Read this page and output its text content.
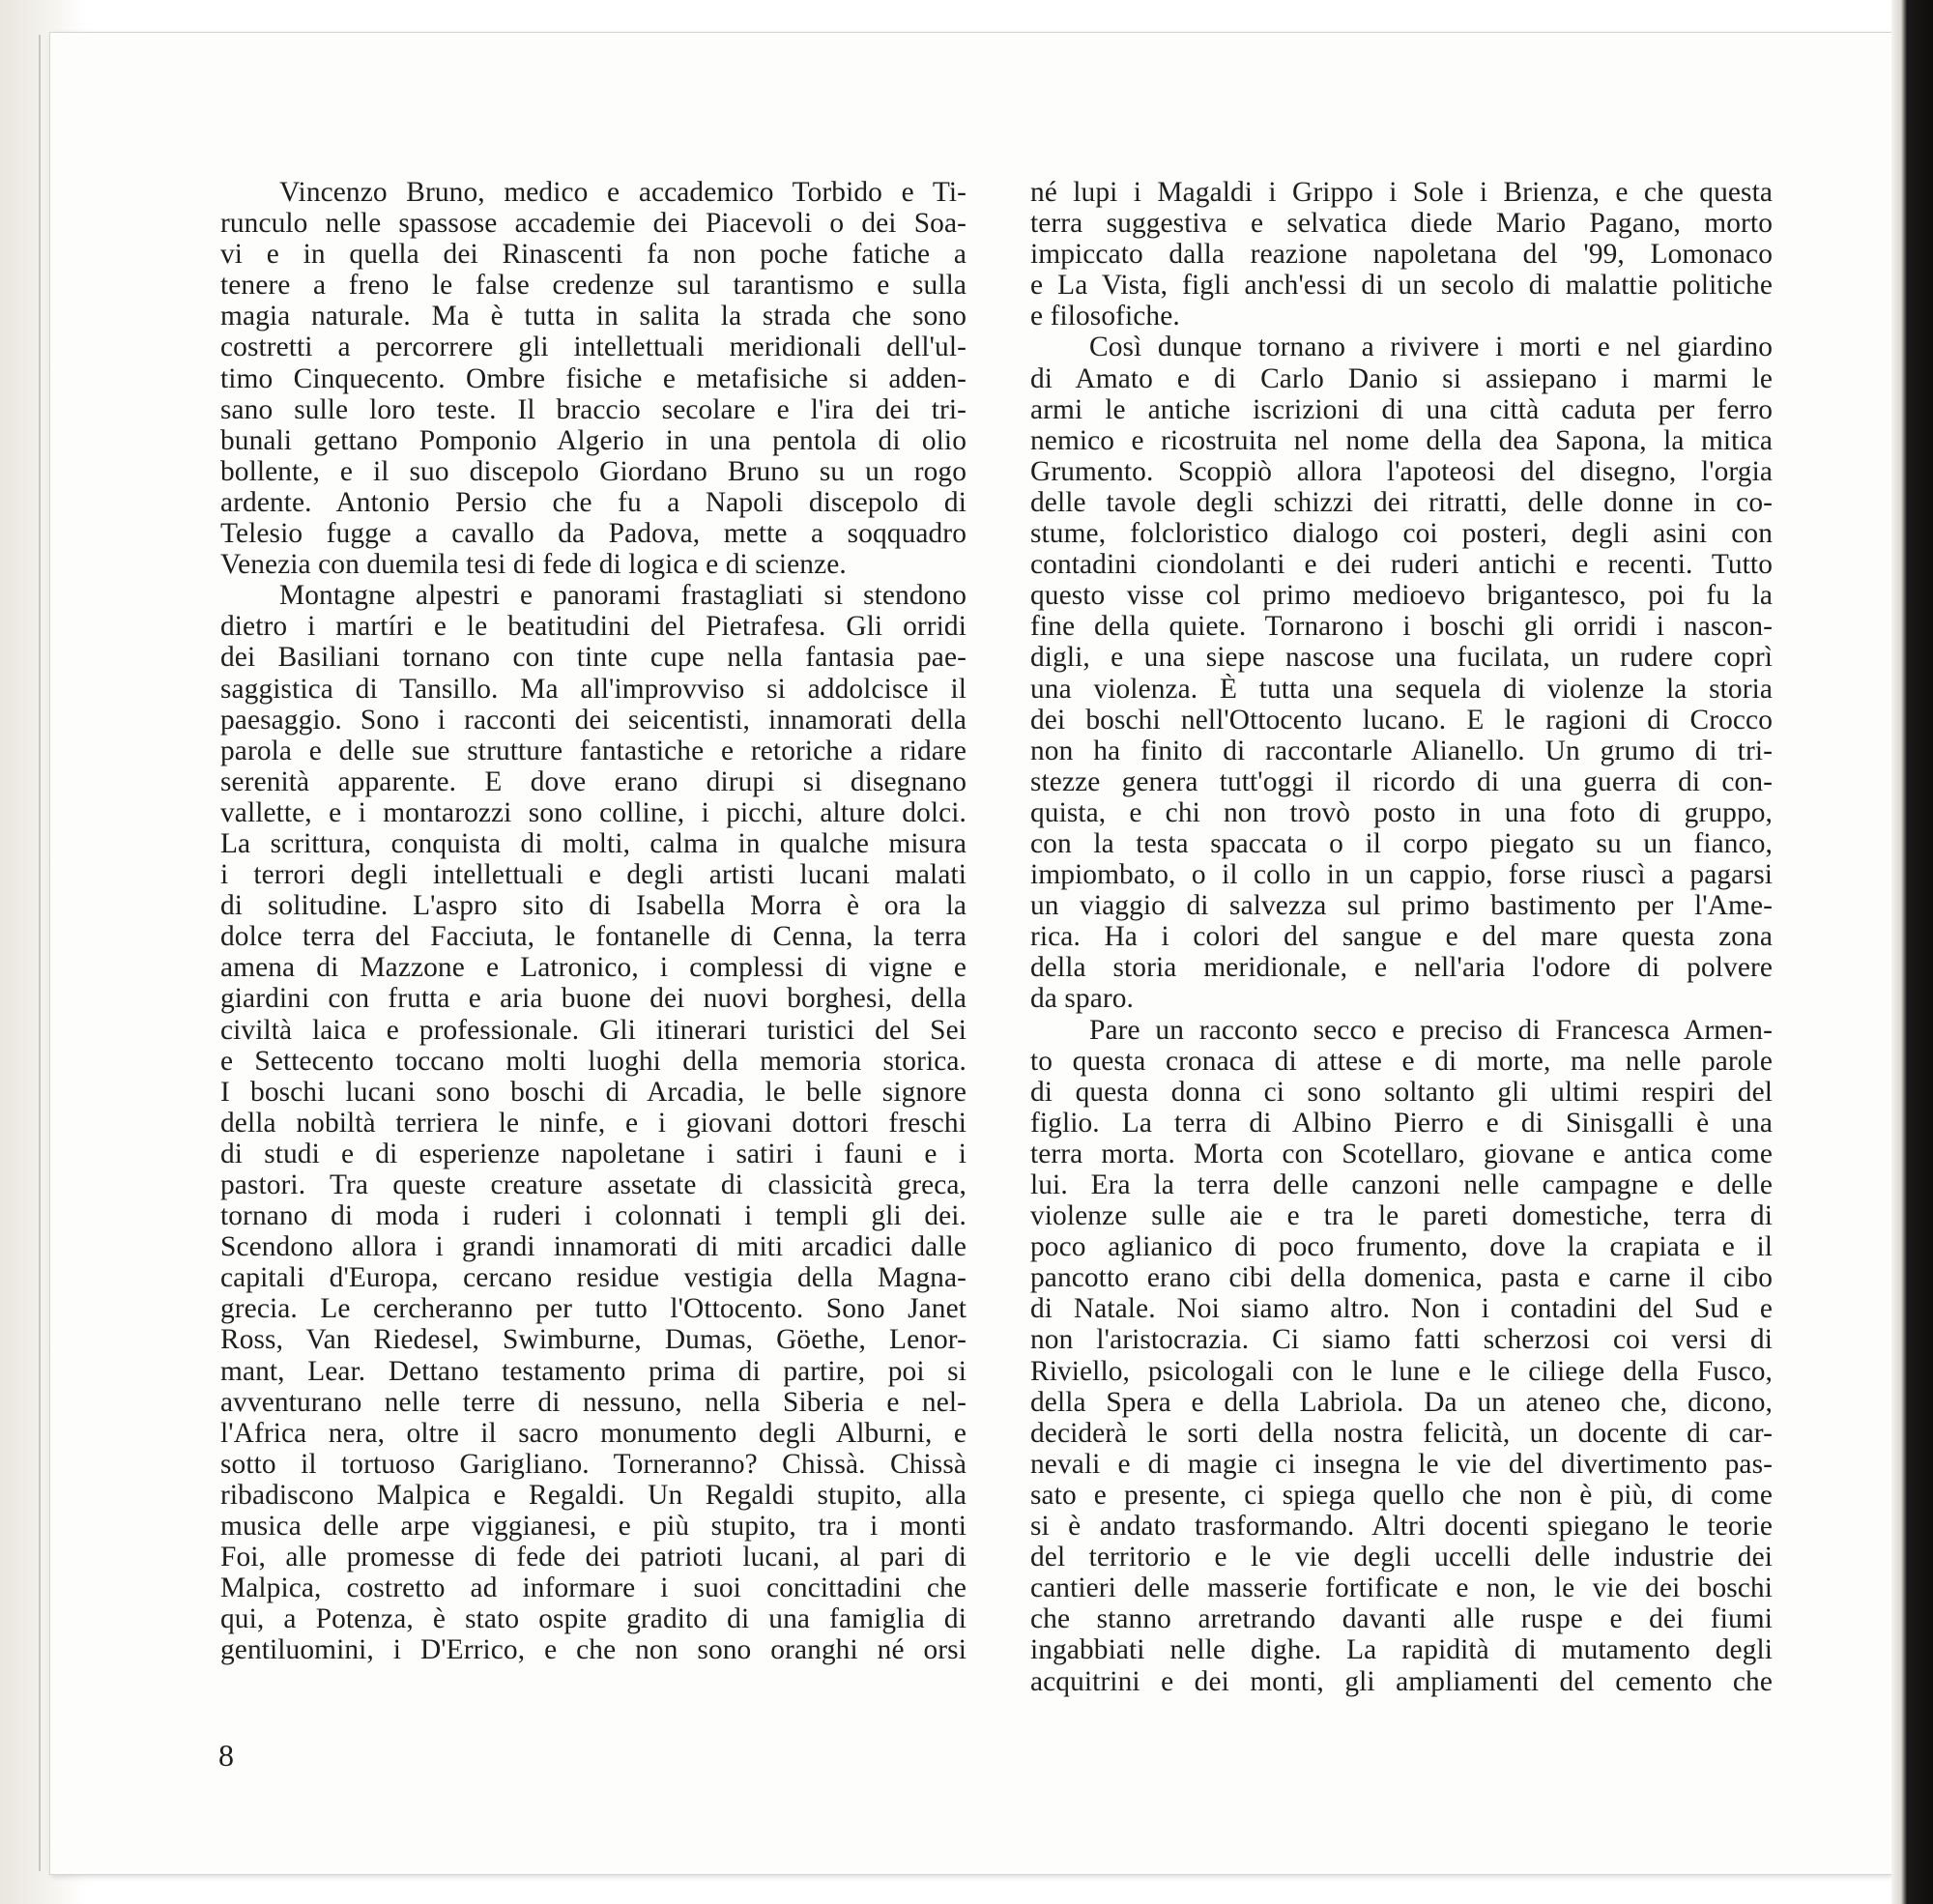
Vincenzo Bruno, medico e accademico Torbido e Ti-
runculo nelle spassose accademie dei Piacevoli o dei Soa-
vi e in quella dei Rinascenti fa non poche fatiche a
tenere a freno le false credenze sul tarantismo e sulla
magia naturale. Ma è tutta in salita la strada che sono
costretti a percorrere gli intellettuali meridionali dell'ul-
timo Cinquecento. Ombre fisiche e metafisiche si adden-
sano sulle loro teste. Il braccio secolare e l'ira dei tri-
bunali gettano Pomponio Algerio in una pentola di olio
bollente, e il suo discepolo Giordano Bruno su un rogo
ardente. Antonio Persio che fu a Napoli discepolo di
Telesio fugge a cavallo da Padova, mette a soqquadro
Venezia con duemila tesi di fede di logica e di scienze.
Montagne alpestri e panorami frastagliati si stendono
dietro i martíri e le beatitudini del Pietrafesa. Gli orridi
dei Basiliani tornano con tinte cupe nella fantasia pae-
saggistica di Tansillo. Ma all'improvviso si addolcisce il
paesaggio. Sono i racconti dei seicentisti, innamorati della
parola e delle sue strutture fantastiche e retoriche a ridare
serenità apparente. E dove erano dirupi si disegnano
vallette, e i montarozzi sono colline, i picchi, alture dolci.
La scrittura, conquista di molti, calma in qualche misura
i terrori degli intellettuali e degli artisti lucani malati
di solitudine. L'aspro sito di Isabella Morra è ora la
dolce terra del Facciuta, le fontanelle di Cenna, la terra
amena di Mazzone e Latronico, i complessi di vigne e
giardini con frutta e aria buone dei nuovi borghesi, della
civiltà laica e professionale. Gli itinerari turistici del Sei
e Settecento toccano molti luoghi della memoria storica.
I boschi lucani sono boschi di Arcadia, le belle signore
della nobiltà terriera le ninfe, e i giovani dottori freschi
di studi e di esperienze napoletane i satiri i fauni e i
pastori. Tra queste creature assetate di classicità greca,
tornano di moda i ruderi i colonnati i templi gli dei.
Scendono allora i grandi innamorati di miti arcadici dalle
capitali d'Europa, cercano residue vestigia della Magna-
grecia. Le cercheranno per tutto l'Ottocento. Sono Janet
Ross, Van Riedesel, Swimburne, Dumas, Göethe, Lenor-
mant, Lear. Dettano testamento prima di partire, poi si
avventurano nelle terre di nessuno, nella Siberia e nel-
l'Africa nera, oltre il sacro monumento degli Alburni, e
sotto il tortuoso Garigliano. Torneranno? Chissà. Chissà
ribadiscono Malpica e Regaldi. Un Regaldi stupito, alla
musica delle arpe viggianesi, e più stupito, tra i monti
Foi, alle promesse di fede dei patrioti lucani, al pari di
Malpica, costretto ad informare i suoi concittadini che
qui, a Potenza, è stato ospite gradito di una famiglia di
gentiluomini, i D'Errico, e che non sono oranghi né orsi
né lupi i Magaldi i Grippo i Sole i Brienza, e che questa
terra suggestiva e selvatica diede Mario Pagano, morto
impiccato dalla reazione napoletana del '99, Lomonaco
e La Vista, figli anch'essi di un secolo di malattie politiche
e filosofiche.
Così dunque tornano a rivivere i morti e nel giardino
di Amato e di Carlo Danio si assiepano i marmi le
armi le antiche iscrizioni di una città caduta per ferro
nemico e ricostruita nel nome della dea Sapona, la mitica
Grumento. Scoppiò allora l'apoteosi del disegno, l'orgia
delle tavole degli schizzi dei ritratti, delle donne in co-
stume, folcloristico dialogo coi posteri, degli asini con
contadini ciondolanti e dei ruderi antichi e recenti. Tutto
questo visse col primo medioevo brigantesco, poi fu la
fine della quiete. Tornarono i boschi gli orridi i nascon-
digli, e una siepe nascose una fucilata, un rudere coprì
una violenza. È tutta una sequela di violenze la storia
dei boschi nell'Ottocento lucano. E le ragioni di Crocco
non ha finito di raccontarle Alianello. Un grumo di tri-
stezze genera tutt'oggi il ricordo di una guerra di con-
quista, e chi non trovò posto in una foto di gruppo,
con la testa spaccata o il corpo piegato su un fianco,
impiombato, o il collo in un cappio, forse riuscì a pagarsi
un viaggio di salvezza sul primo bastimento per l'Ame-
rica. Ha i colori del sangue e del mare questa zona
della storia meridionale, e nell'aria l'odore di polvere
da sparo.
Pare un racconto secco e preciso di Francesca Armen-
to questa cronaca di attese e di morte, ma nelle parole
di questa donna ci sono soltanto gli ultimi respiri del
figlio. La terra di Albino Pierro e di Sinisgalli è una
terra morta. Morta con Scotellaro, giovane e antica come
lui. Era la terra delle canzoni nelle campagne e delle
violenze sulle aie e tra le pareti domestiche, terra di
poco aglianico di poco frumento, dove la crapiata e il
pancotto erano cibi della domenica, pasta e carne il cibo
di Natale. Noi siamo altro. Non i contadini del Sud e
non l'aristocrazia. Ci siamo fatti scherzosi coi versi di
Riviello, psicologali con le lune e le ciliege della Fusco,
della Spera e della Labriola. Da un ateneo che, dicono,
deciderà le sorti della nostra felicità, un docente di car-
nevali e di magie ci insegna le vie del divertimento pas-
sato e presente, ci spiega quello che non è più, di come
si è andato trasformando. Altri docenti spiegano le teorie
del territorio e le vie degli uccelli delle industrie dei
cantieri delle masserie fortificate e non, le vie dei boschi
che stanno arretrando davanti alle ruspe e dei fiumi
ingabbiati nelle dighe. La rapidità di mutamento degli
acquitrini e dei monti, gli ampliamenti del cemento che
8
